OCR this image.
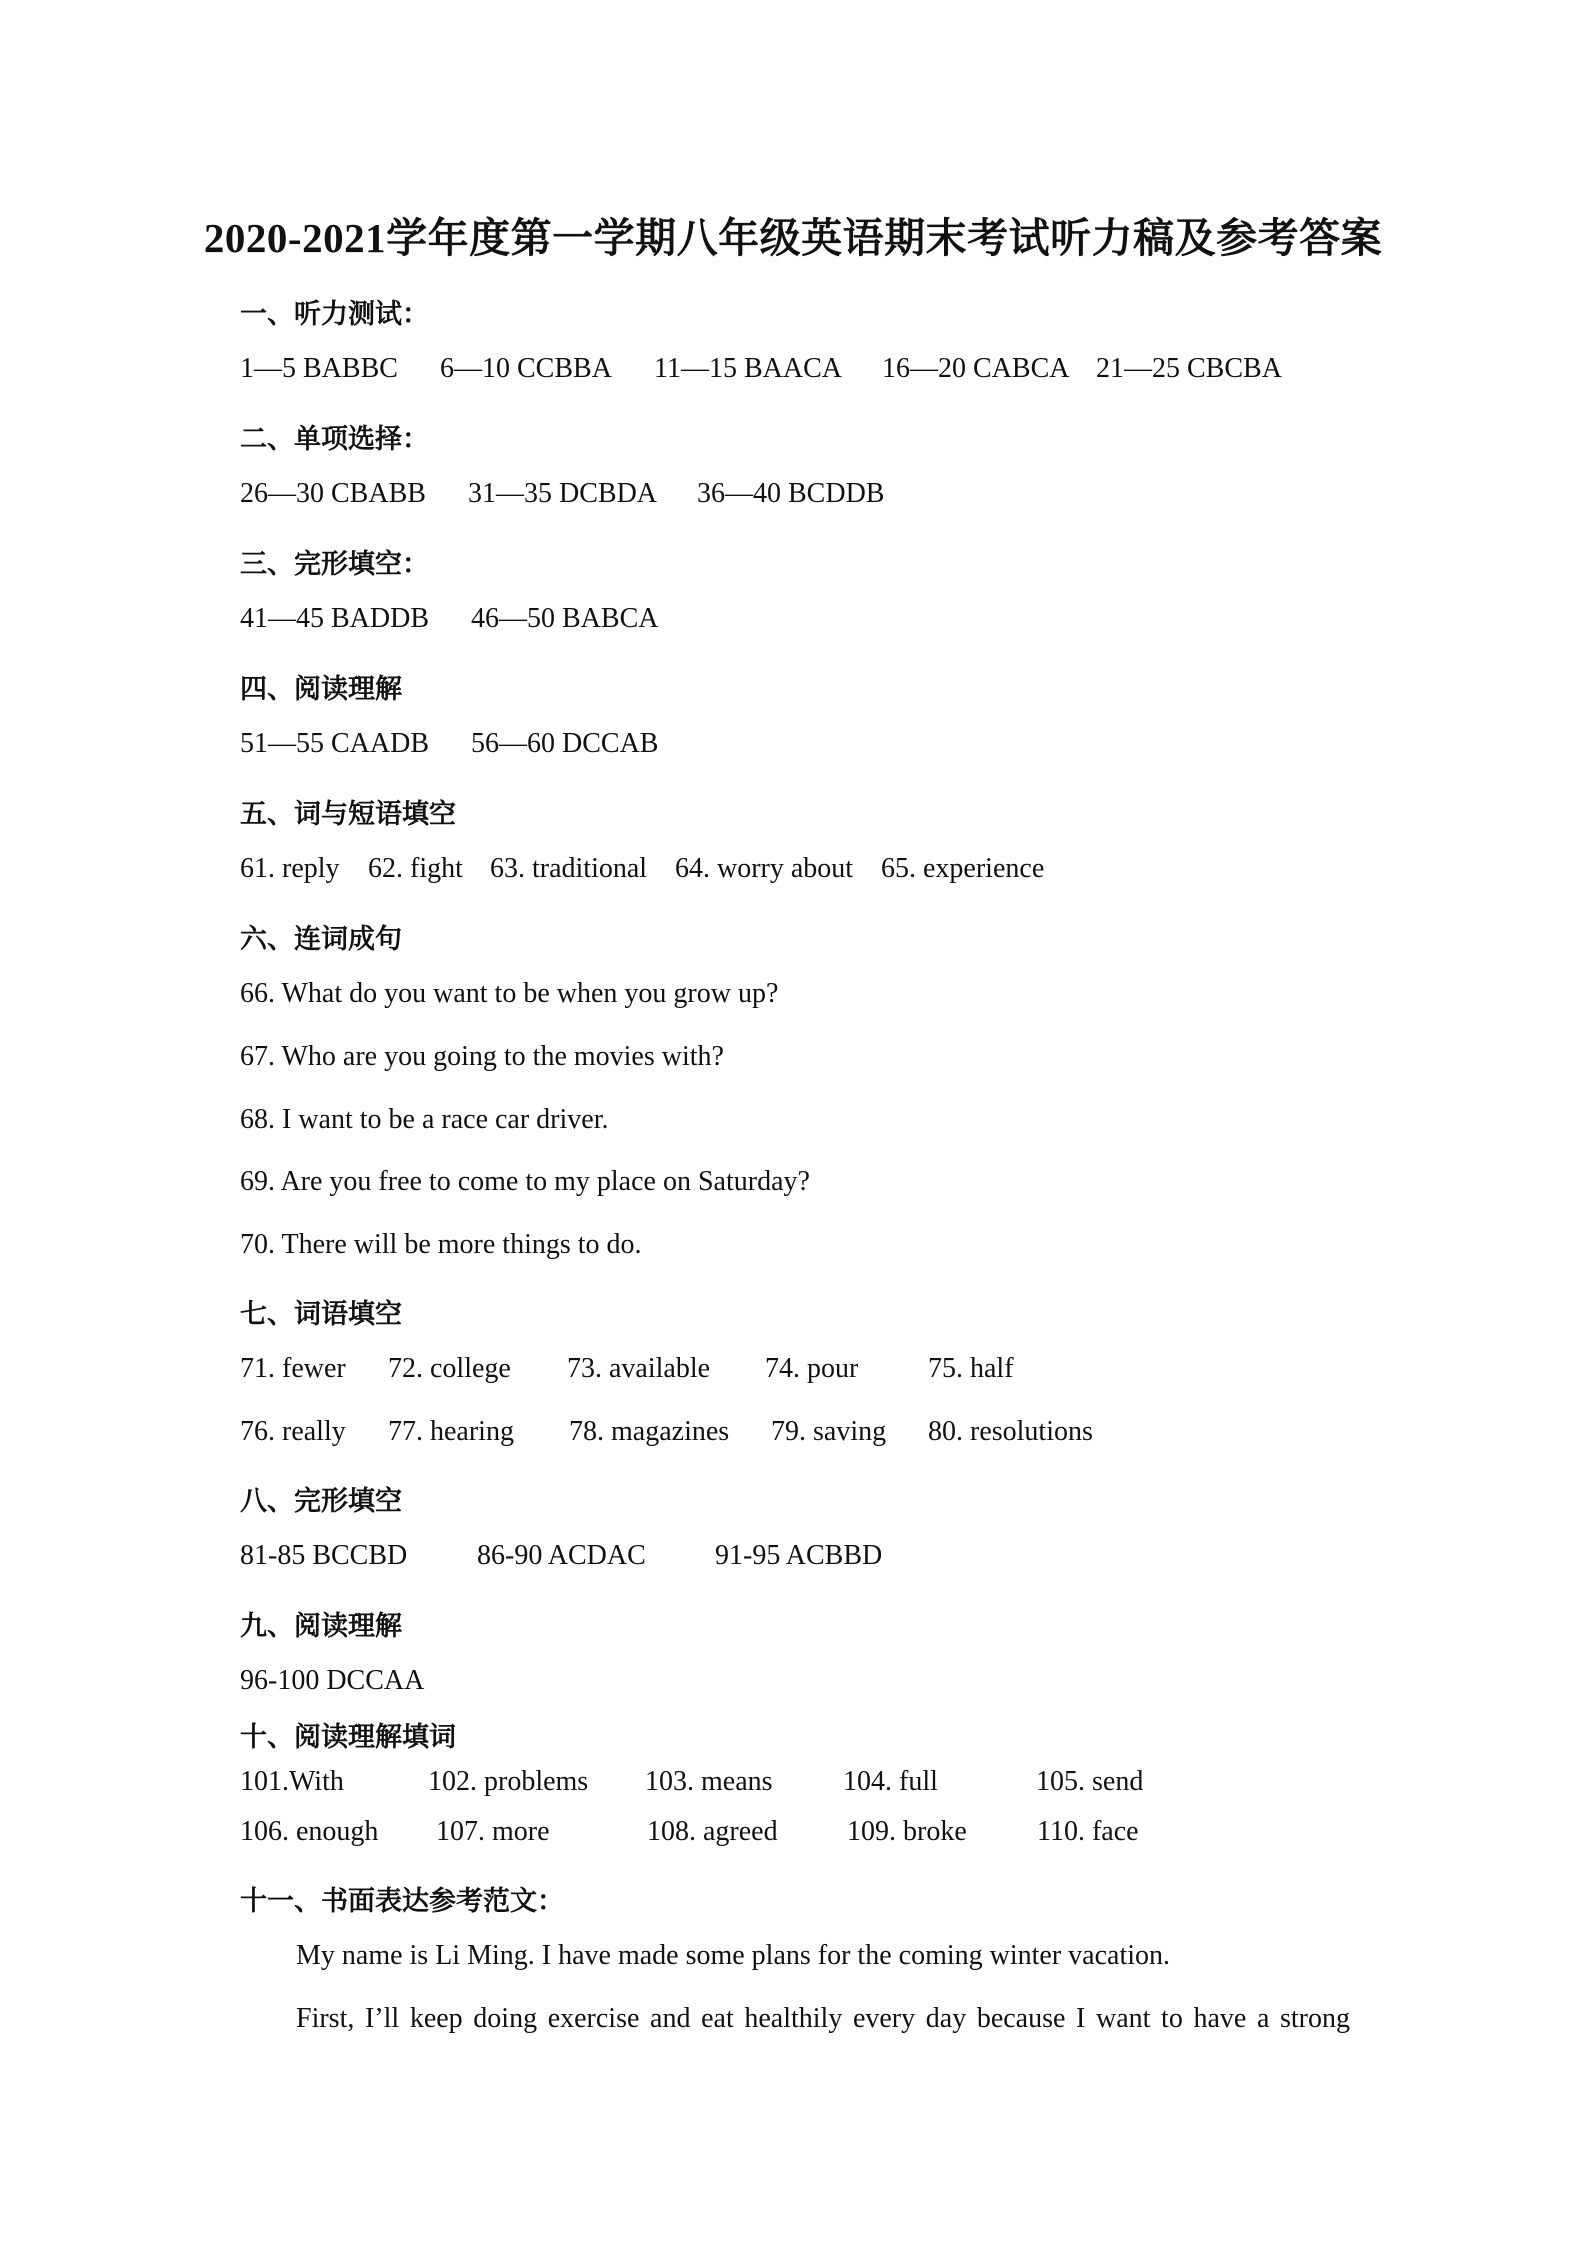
2020-2021学年度第一学期八年级英语期末考试听力稿及参考答案
一、听力测试：
1—5 BABBC 6—10 CCBBA 11—15 BAACA 16—20 CABCA 21—25 CBCBA
二、单项选择：
26—30 CBABB 31—35 DCBDA 36—40 BCDDB
三、完形填空：
41—45 BADDB 46—50 BABCA
四、阅读理解
51—55 CAADB 56—60 DCCAB
五、词与短语填空
61. reply 62. fight 63. traditional 64. worry about 65. experience
六、连词成句
66. What do you want to be when you grow up?
67. Who are you going to the movies with?
68. I want to be a race car driver.
69. Are you free to come to my place on Saturday?
70. There will be more things to do.
七、词语填空
71. fewer 72. college 73. available 74. pour 75. half
76. really 77. hearing 78. magazines 79. saving 80. resolutions
八、完形填空
81-85 BCCBD 86-90 ACDAC 91-95 ACBBD
九、阅读理解
96-100 DCCAA
十、阅读理解填词
101.With	102. problems 103. means	104. full	105. send
106. enough 107. more	108. agreed 109. broke	110. face
十一、书面表达参考范文：
My name is Li Ming. I have made some plans for the coming winter vacation.
First, I’ll keep doing exercise and eat healthily every day because I want to have a strong
